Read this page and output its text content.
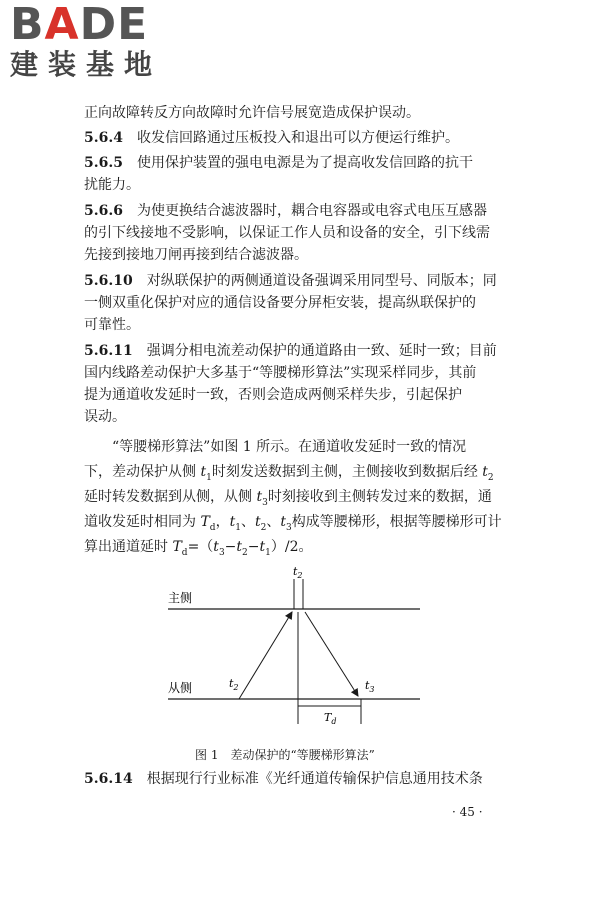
BADE
建装基地
正向故障转反方向故障时允许信号展宽造成保护误动。
5.6.4　 收发信回路通过压板投入和退出可以方便运行维护。
5.6.5　 使用保护装置的强电电源是为了提高收发信回路的抗干
扰能力。
5.6.6　 为使更换结合滤波器时，耦合电容器或电容式电压互感器
的引下线接地不受影响，以保证工作人员和设备的安全，引下线需
先接到接地刀闸再接到结合滤波器。
5.6.10　 对纵联保护的两侧通道设备强调采用同型号、同版本；同
一侧双重化保护对应的通信设备要分屏柜安装，提高纵联保护的
可靠性。
5.6.11　 强调分相电流差动保护的通道路由一致、延时一致；目前
国内线路差动保护大多基于“等腰梯形算法”实现采样同步，其前
提为通道收发延时一致，否则会造成两侧采样失步，引起保护
误动。
“等腰梯形算法”如图 1 所示。在通道收发延时一致的情况
下，差动保护从侧 $t_1$时刻发送数据到主侧，主侧接收到数据后经 $t_2$
延时转发数据到从侧，从侧 $t_3$时刻接收到主侧转发过来的数据，通
道收发延时相同为 $T_d$，$t_1$、$t_2$、$t_3$构成等腰梯形，根据等腰梯形可计
算出通道延时 $T_d=(t_3-t_2-t_1)/2$。
主侧
从侧
$t_2$
$t_2$	$t_3$
$T_d$
图 1　差动保护的“等腰梯形算法”
5.6.14　 根据现行行业标准《光纤通道传输保护信息通用技术条
· 45 ·
